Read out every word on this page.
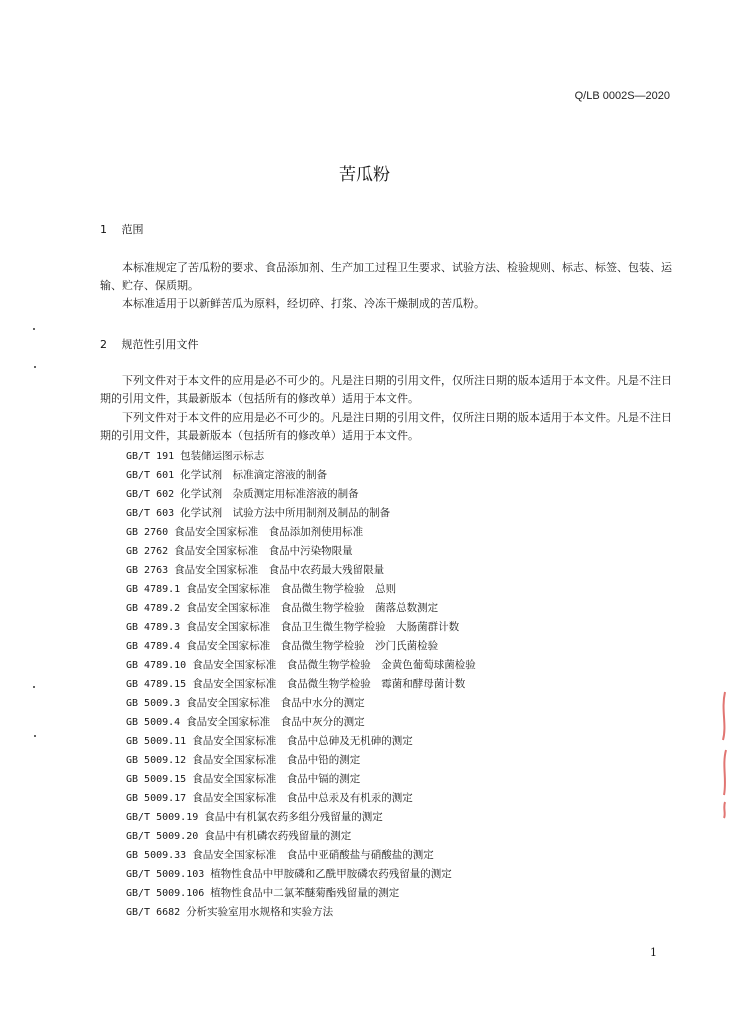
Q/LB 0002S—2020
苦瓜粉
1 范围
本标准规定了苦瓜粉的要求、食品添加剂、生产加工过程卫生要求、试验方法、检验规则、标志、标签、包装、运输、贮存、保质期。
本标准适用于以新鲜苦瓜为原料，经切碎、打浆、冷冻干燥制成的苦瓜粉。
2 规范性引用文件
下列文件对于本文件的应用是必不可少的。凡是注日期的引用文件，仅所注日期的版本适用于本文件。凡是不注日期的引用文件，其最新版本（包括所有的修改单）适用于本文件。
下列文件对于本文件的应用是必不可少的。凡是注日期的引用文件，仅所注日期的版本适用于本文件。凡是不注日期的引用文件，其最新版本（包括所有的修改单）适用于本文件。
GB/T 191 包装储运图示标志
GB/T 601 化学试剂　标准滴定溶液的制备
GB/T 602 化学试剂　杂质测定用标准溶液的制备
GB/T 603 化学试剂　试验方法中所用制剂及制品的制备
GB 2760 食品安全国家标准　食品添加剂使用标准
GB 2762 食品安全国家标准　食品中污染物限量
GB 2763 食品安全国家标准　食品中农药最大残留限量
GB 4789.1 食品安全国家标准　食品微生物学检验　总则
GB 4789.2 食品安全国家标准　食品微生物学检验　菌落总数测定
GB 4789.3 食品安全国家标准　食品卫生微生物学检验　大肠菌群计数
GB 4789.4 食品安全国家标准　食品微生物学检验　沙门氏菌检验
GB 4789.10 食品安全国家标准　食品微生物学检验　金黄色葡萄球菌检验
GB 4789.15 食品安全国家标准　食品微生物学检验　霉菌和酵母菌计数
GB 5009.3 食品安全国家标准　食品中水分的测定
GB 5009.4 食品安全国家标准　食品中灰分的测定
GB 5009.11 食品安全国家标准　食品中总砷及无机砷的测定
GB 5009.12 食品安全国家标准　食品中铅的测定
GB 5009.15 食品安全国家标准　食品中镉的测定
GB 5009.17 食品安全国家标准　食品中总汞及有机汞的测定
GB/T 5009.19 食品中有机氯农药多组分残留量的测定
GB/T 5009.20 食品中有机磷农药残留量的测定
GB 5009.33 食品安全国家标准　食品中亚硝酸盐与硝酸盐的测定
GB/T 5009.103 植物性食品中甲胺磷和乙酰甲胺磷农药残留量的测定
GB/T 5009.106 植物性食品中二氯苯醚菊酯残留量的测定
GB/T 6682 分析实验室用水规格和实验方法
1
